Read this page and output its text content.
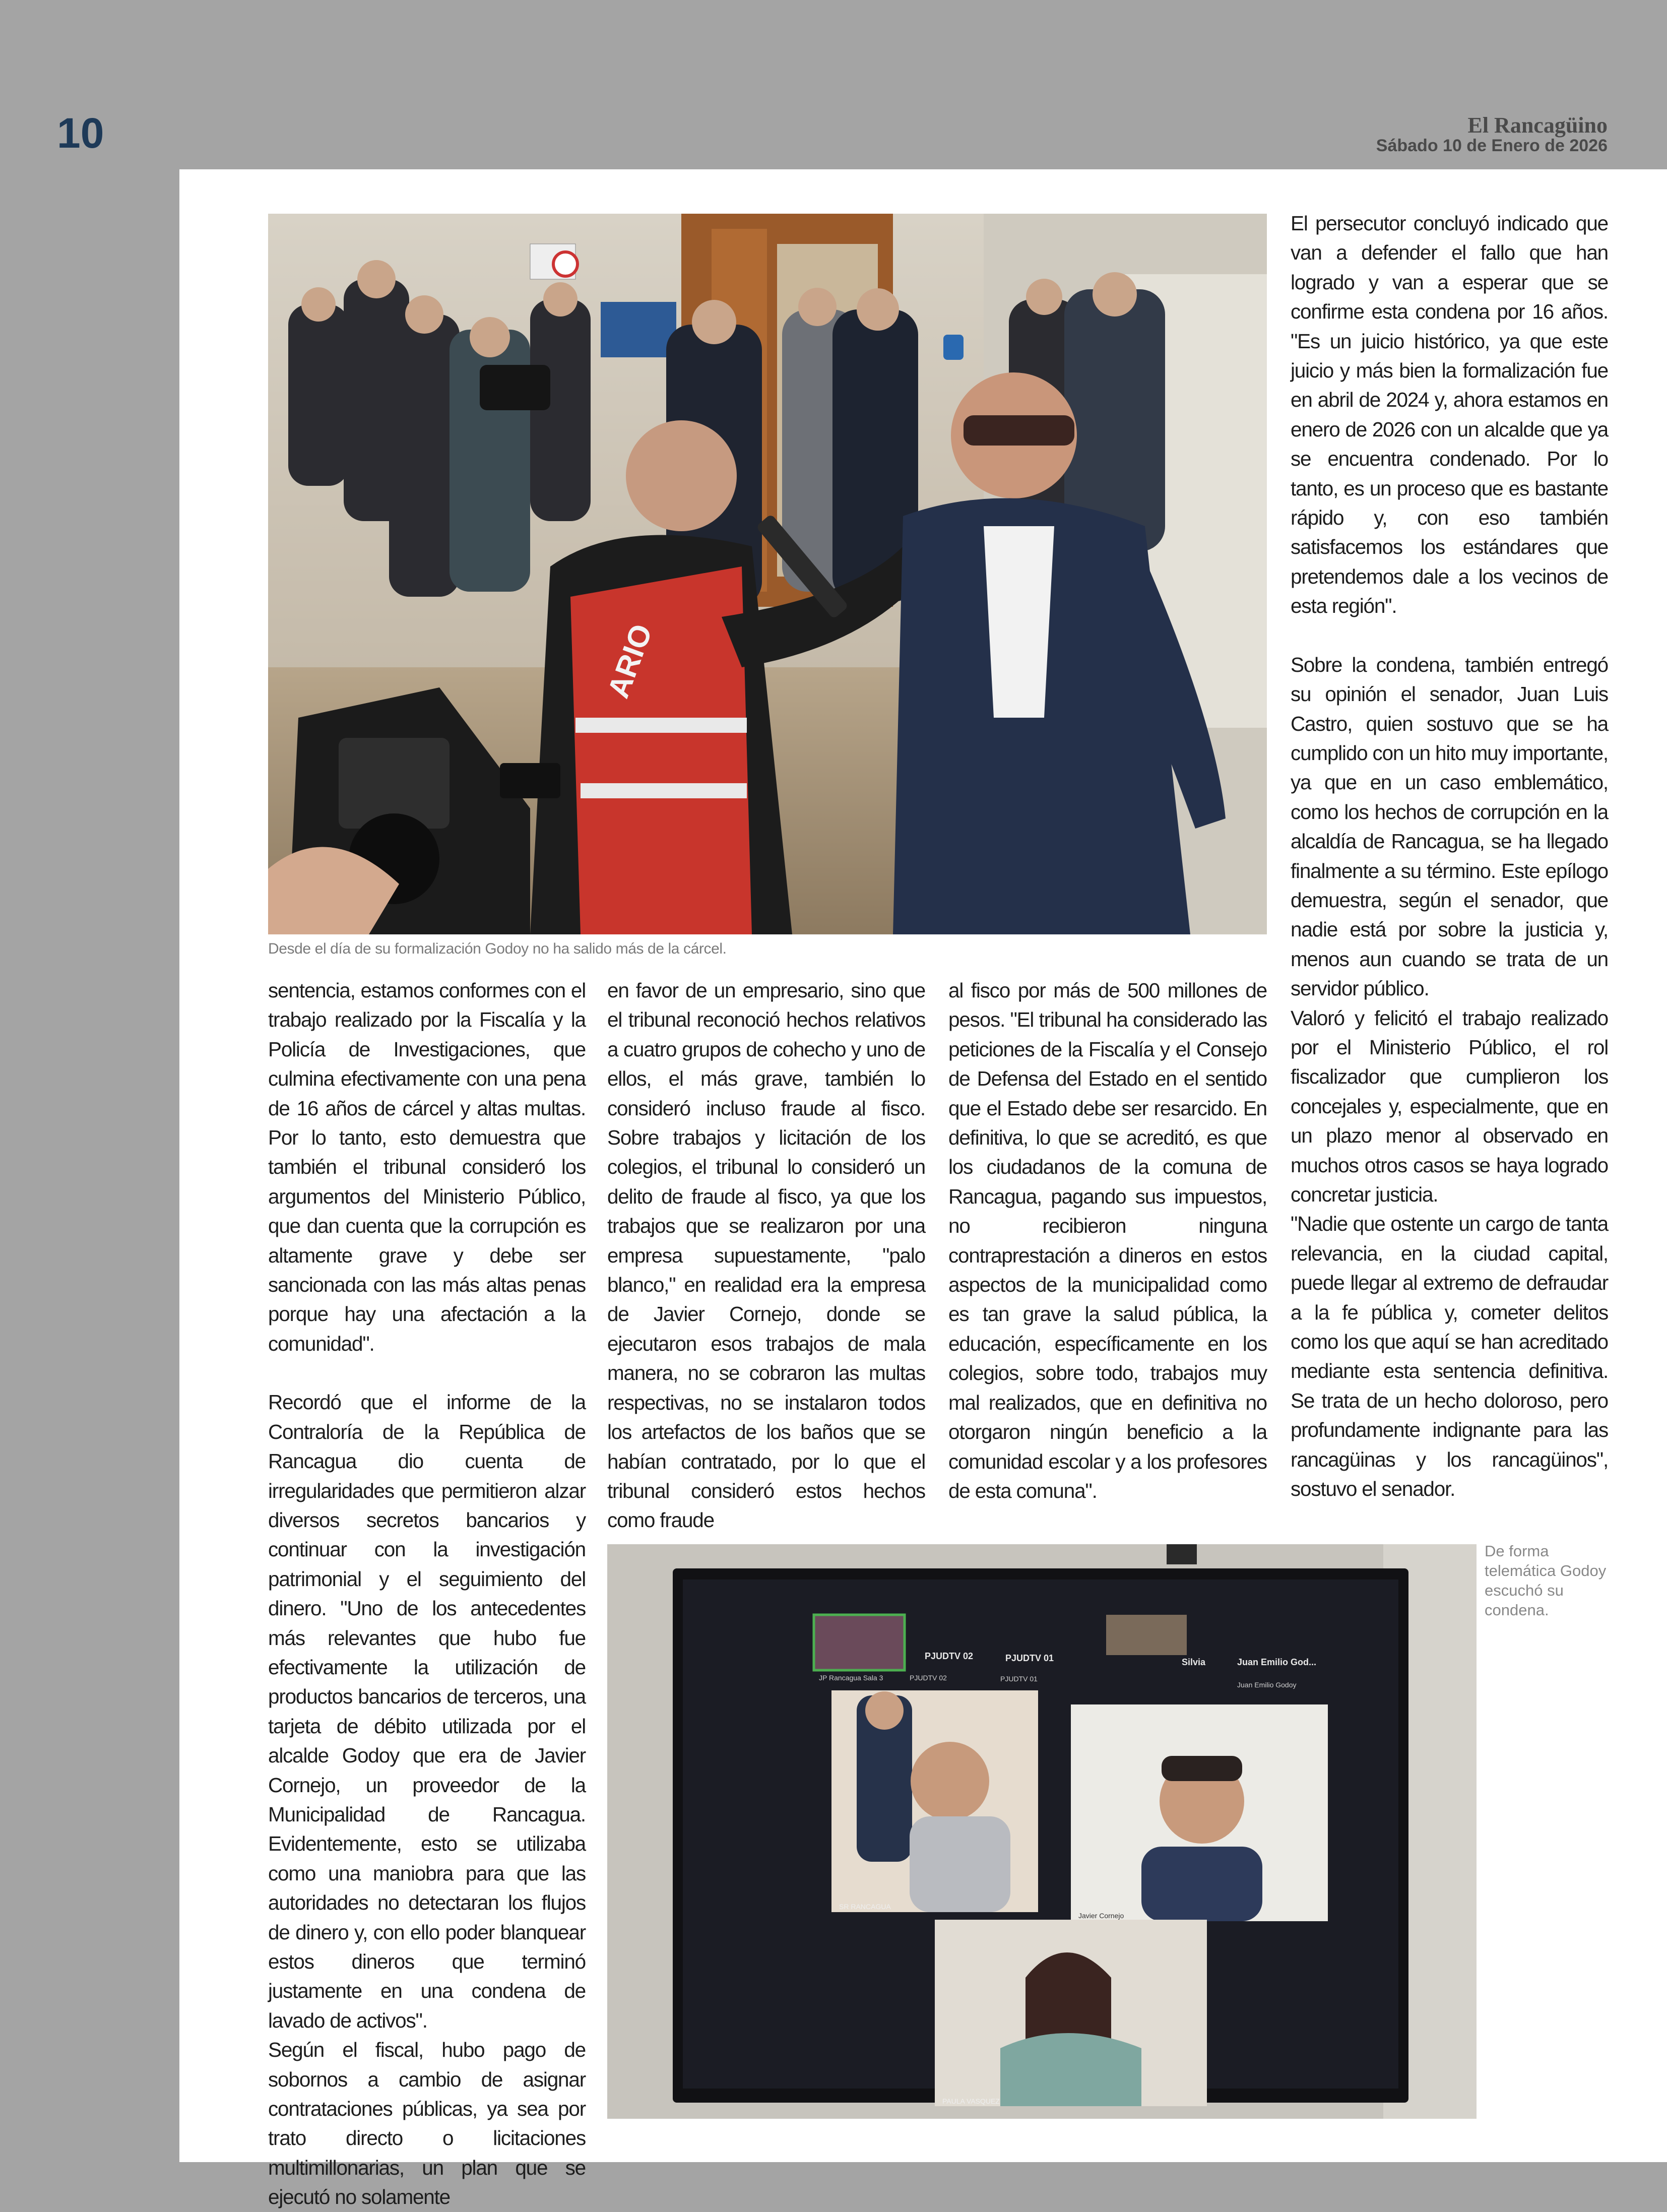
10	El Rancagüino
Sábado 10 de Enero de 2026
ARIO
Desde el día de su formalización Godoy no ha salido más de la cárcel.

sentencia, estamos conformes con el trabajo realizado por la Fiscalía y la Policía de Investigaciones, que culmina efectivamente con una pena de 16 años de cárcel y altas multas. Por lo tanto, esto demuestra que también el tribunal consideró los argumentos del Ministerio Público, que dan cuenta que la corrupción es altamente grave y debe ser sancionada con las más altas penas porque hay una afectación a la comunidad".

Recordó que el informe de la Contraloría de la República de Rancagua dio cuenta de irregularidades que permitieron alzar diversos secretos bancarios y continuar con la investigación patrimonial y el seguimiento del dinero. "Uno de los antecedentes más relevantes que hubo fue efectivamente la utilización de productos bancarios de terceros, una tarjeta de débito utilizada por el alcalde Godoy que era de Javier Cornejo, un proveedor de la Municipalidad de Rancagua. Evidentemente, esto se utilizaba como una maniobra para que las autoridades no detectaran los flujos de dinero y, con ello poder blanquear estos dineros que terminó justamente en una condena de lavado de activos".

Según el fiscal, hubo pago de sobornos a cambio de asignar contrataciones públicas, ya sea por trato directo o licitaciones multimillonarias, un plan que se ejecutó no solamente

en favor de un empresario, sino que el tribunal reconoció hechos relativos a cuatro grupos de cohecho y uno de ellos, el más grave, también lo consideró incluso fraude al fisco. Sobre trabajos y licitación de los colegios, el tribunal lo consideró un delito de fraude al fisco, ya que los trabajos que se realizaron por una empresa supuestamente, "palo blanco," en realidad era la empresa de Javier Cornejo, donde se ejecutaron esos trabajos de mala manera, no se cobraron las multas respectivas, no se instalaron todos los artefactos de los baños que se habían contratado, por lo que el tribunal consideró estos hechos como fraude

al fisco por más de 500 millones de pesos. "El tribunal ha considerado las peticiones de la Fiscalía y el Consejo de Defensa del Estado en el sentido que el Estado debe ser resarcido. En definitiva, lo que se acreditó, es que los ciudadanos de la comuna de Rancagua, pagando sus impuestos, no recibieron ninguna contraprestación a dineros en estos aspectos de la municipalidad como es tan grave la salud pública, la educación, específicamente en los colegios, sobre todo, trabajos muy mal realizados, que en definitiva no otorgaron ningún beneficio a la comunidad escolar y a los profesores de esta comuna".

El persecutor concluyó indicado que van a defender el fallo que han logrado y van a esperar que se confirme esta condena por 16 años. "Es un juicio histórico, ya que este juicio y más bien la formalización fue en abril de 2024 y, ahora estamos en enero de 2026 con un alcalde que ya se encuentra condenado. Por lo tanto, es un proceso que es bastante rápido y, con eso también satisfacemos los estándares que pretendemos dale a los vecinos de esta región".

Sobre la condena, también entregó su opinión el senador, Juan Luis Castro, quien sostuvo que se ha cumplido con un hito muy importante, ya que en un caso emblemático, como los hechos de corrupción en la alcaldía de Rancagua, se ha llegado finalmente a su término. Este epílogo demuestra, según el senador, que nadie está por sobre la justicia y, menos aun cuando se trata de un servidor público.

Valoró y felicitó el trabajo realizado por el Ministerio Público, el rol fiscalizador que cumplieron los concejales y, especialmente, que en un plazo menor al observado en muchos otros casos se haya logrado concretar justicia.

"Nadie que ostente un cargo de tanta relevancia, en la ciudad capital, puede llegar al extremo de defraudar a la fe pública y, cometer delitos como los que aquí se han acreditado mediante esta sentencia definitiva. Se trata de un hecho doloroso, pero profundamente indignante para las rancagüinas y los rancagüinos", sostuvo el senador.

PJUDTV 02	PJUDTV 01	Silvia	Juan Emilio God...
JP Rancagua Sala 3	PJUDTV 02	PJUDTV 01
Juan Emilio Godoy
SR RANCAGUA
Javier Cornejo
PAULA VASQUEZ
De forma telemática Godoy escuchó su condena.
